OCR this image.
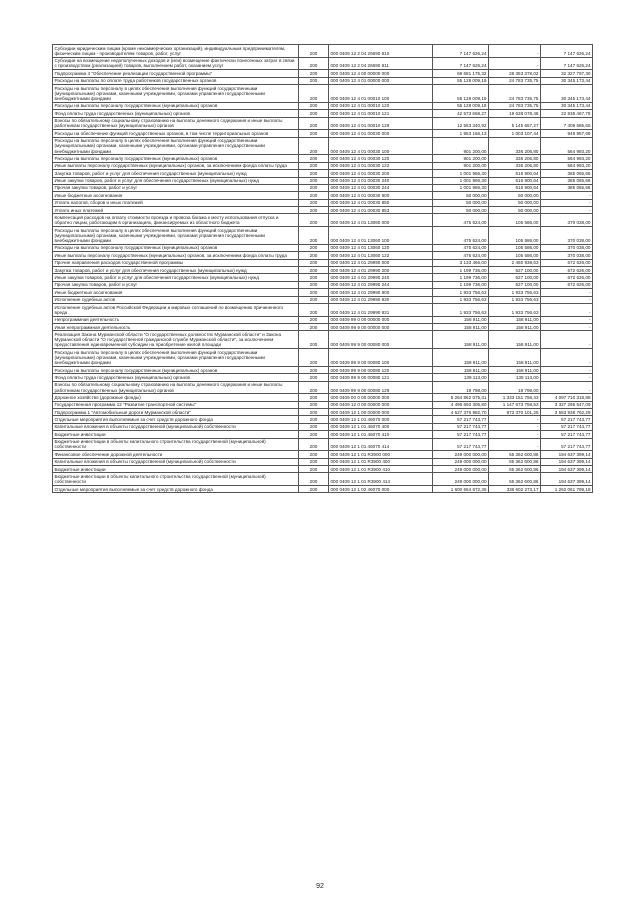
Субсидии юридическим лицам (кроме некоммерческих организаций), индивидуальным предпринимателям, физическим лицам - производителям товаров, работ, услуг	200	000 0409 12 2 04 26690 810	7 147 626,24	-	7 147 626,24
Субсидии на возмещение недополученных доходов и (или) возмещение фактически понесенных затрат в связи с производством (реализацией) товаров, выполнением работ, оказанием услуг	200	000 0409 12 2 04 26690 811	7 147 626,24	-	7 147 626,24
Подпрограмма 4 "Обеспечение реализации государственной программы"	200	000 0409 12 4 00 00000 000	68 681 175,32	28 353 378,02	32 327 797,30
Расходы на выплаты по оплате труда работников государственных органов	200	000 0409 12 4 01 00000 000	55 128 009,19	24 783 735,75	30 345 173,44
Расходы на выплаты персоналу в целях обеспечения выполнения функций государственными (муниципальными) органами, казенными учреждениями, органами управления государственными внебюджетными фондами	200	000 0409 12 4 01 00010 100	55 128 009,19	24 783 735,75	30 345 173,44
Расходы на выплаты персоналу государственных (муниципальных) органов	200	000 0409 12 4 01 00010 120	55 128 009,19	24 783 735,75	30 345 173,44
Фонд оплаты труда государственных (муниципальных) органов	200	000 0409 12 4 01 00010 121	42 573 668,27	19 638 078,48	22 935 467,79
Взносы по обязательному социальному страхованию на выплаты денежного содержания и иные выплаты работникам государственных (муниципальных) органов	200	000 0409 12 4 01 00010 129	12 553 340,92	5 145 657,27	7 409 685,65
Расходы на обеспечение функций государственных органов, в том числе территориальных органов	200	000 0409 12 4 01 00030 000	1 953 166,13	1 003 107,44	949 957,69
Расходы на выплаты персоналу в целях обеспечения выполнения функций государственными (муниципальными) органами, казенными учреждениями, органами управления государственными внебюджетными фондами	200	000 0409 12 4 01 00030 100	901 200,00	336 206,80	564 993,20
Расходы на выплаты персоналу государственных (муниципальных) органов	200	000 0409 12 4 01 00030 120	901 200,00	336 206,80	564 993,20
Иные выплаты персоналу государственных (муниципальных) органов, за исключением фонда оплаты труда	200	000 0409 12 4 01 00030 122	901 200,00	336 206,80	564 993,20
Закупка товаров, работ и услуг для обеспечения государственных (муниципальных) нужд	200	000 0409 12 4 01 00030 200	1 001 966,30	616 900,64	385 065,66
Иные закупки товаров, работ и услуг для обеспечения государственных (муниципальных) нужд	200	000 0409 12 4 01 00030 240	1 001 966,30	616 900,64	385 065,66
Прочая закупка товаров, работ и услуг	200	000 0409 12 4 01 00030 244	1 001 966,30	616 900,64	385 065,66
Иные бюджетные ассигнования	200	000 0409 12 4 01 00030 800	50 000,00	50 000,00	-
Уплата налогов, сборов и иных платежей	200	000 0409 12 4 01 00030 850	50 000,00	50 000,00	-
Уплата иных платежей	200	000 0409 12 4 01 00030 853	50 000,00	50 000,00	-
Компенсация расходов на оплату стоимости проезда и провоза багажа к месту использования отпуска и обратно лицам, работающим в организациях, финансируемых из областного бюджета	200	000 0409 12 4 01 13060 000	475 624,00	105 586,00	370 038,00
Расходы на выплаты персоналу в целях обеспечения выполнения функций государственными (муниципальными) органами, казенными учреждениями, органами управления государственными внебюджетными фондами	200	000 0409 12 4 01 13060 100	475 624,00	105 586,00	370 038,00
Расходы на выплаты персоналу государственных (муниципальных) органов	200	000 0409 12 4 01 13060 120	475 624,00	105 586,00	370 038,00
Иные выплаты персоналу государственных (муниципальных) органов, за исключением фонда оплаты труда	200	000 0409 12 4 01 13060 122	475 624,00	105 586,00	370 038,00
Прочие направления расходов государственной программы	200	000 0409 12 4 01 29990 000	3 133 466,00	2 460 938,63	672 626,00
Закупка товаров, работ и услуг для обеспечения государственных (муниципальных) нужд	200	000 0409 12 4 01 29990 200	1 199 736,00	527 100,00	672 626,00
Иные закупки товаров, работ и услуг для обеспечения государственных (муниципальных) нужд	200	000 0409 12 4 01 29990 240	1 199 736,00	527 100,00	672 626,00
Прочая закупка товаров, работ и услуг	200	000 0409 12 4 01 29990 244	1 199 736,00	527 100,00	672 626,00
Иные бюджетные ассигнования	200	000 0409 12 4 01 29990 800	1 933 756,63	1 933 756,63	-
Исполнение судебных актов	200	000 0409 12 4 01 29990 830	1 933 756,63	1 933 756,63	-
Исполнение судебных актов Российской Федерации и мировых соглашений по возмещению причиненного вреда	200	000 0409 12 4 01 29990 831	1 933 756,63	1 933 756,63	-
Непрограммная деятельность	200	000 0409 99 0 00 00000 000	158 911,00	158 911,00	-
Иная непрограммная деятельность	200	000 0409 99 9 00 00000 000	158 911,00	158 911,00	-
Реализация Закона Мурманской области "О государственных должностях Мурманской области" и Закона Мурманской области "О государственной гражданской службе Мурманской области", за исключением предоставления единовременной субсидии на приобретение жилой площади	200	000 0409 99 9 00 00080 000	158 911,00	158 911,00	-
Расходы на выплаты персоналу в целях обеспечения выполнения функций государственными (муниципальными) органами, казенными учреждениями, органами управления государственными внебюджетными фондами	200	000 0409 99 9 00 00080 100	158 911,00	158 911,00	-
Расходы на выплаты персоналу государственных (муниципальных) органов	200	000 0409 99 9 00 00080 120	158 911,00	158 911,00	-
Фонд оплаты труда государственных (муниципальных) органов	200	000 0409 99 9 00 00080 121	139 113,00	139 113,00	-
Взносы по обязательному социальному страхованию на выплаты денежного содержания и иные выплаты работникам государственных (муниципальных) органов	200	000 0409 99 9 00 00080 129	19 798,00	19 798,00	-
Дорожное хозяйство (дорожные фонды)	200	000 0409 00 0 00 00000 000	5 264 862 075,31	1 333 151 756,43	4 097 710 318,88
Государственная программа 12 "Развитие транспортной системы"	200	000 0409 12 0 00 00000 000	4 496 693 305,80	1 147 673 758,53	3 327 295 547,09
Подпрограмма 1 "Автомобильные дороги Мурманской области"	200	000 0409 12 1 00 00000 000	4 527 376 982,70	973 370 101,25	3 553 938 762,29
Отдельные мероприятия выполняемые за счет средств дорожного фонда	200	000 0409 12 1 01 46070 000	57 217 743,77	-	57 217 743,77
Капитальные вложения в объекты государственной (муниципальной) собственности	200	000 0409 12 1 01 46070 400	57 217 743,77	-	57 217 743,77
Бюджетные инвестиции	200	000 0409 12 1 01 46070 410	57 217 743,77	-	57 217 743,77
Бюджетные инвестиции в объекты капитального строительства государственной (муниципальной) собственности	200	000 0409 12 1 01 46070 414	57 217 743,77	-	57 217 743,77
Финансовое обеспечение дорожной деятельности	200	000 0409 12 1 01 R3900 000	249 000 000,00	55 362 600,86	194 637 399,14
Капитальные вложения в объекты государственной (муниципальной) собственности	200	000 0409 12 1 01 R3900 400	249 000 000,00	55 362 600,86	194 637 399,14
Бюджетные инвестиции	200	000 0409 12 1 01 R3900 410	249 000 000,00	55 362 600,86	194 637 399,14
Бюджетные инвестиции в объекты капитального строительства государственной (муниципальной) собственности	200	000 0409 12 1 01 R3900 414	249 000 000,00	55 362 600,86	194 637 399,14
Отдельные мероприятия выполняемые за счет средств дорожного фонда	200	000 0409 12 1 02 46070 000	1 600 664 672,35	336 602 273,17	1 262 061 799,18
92
